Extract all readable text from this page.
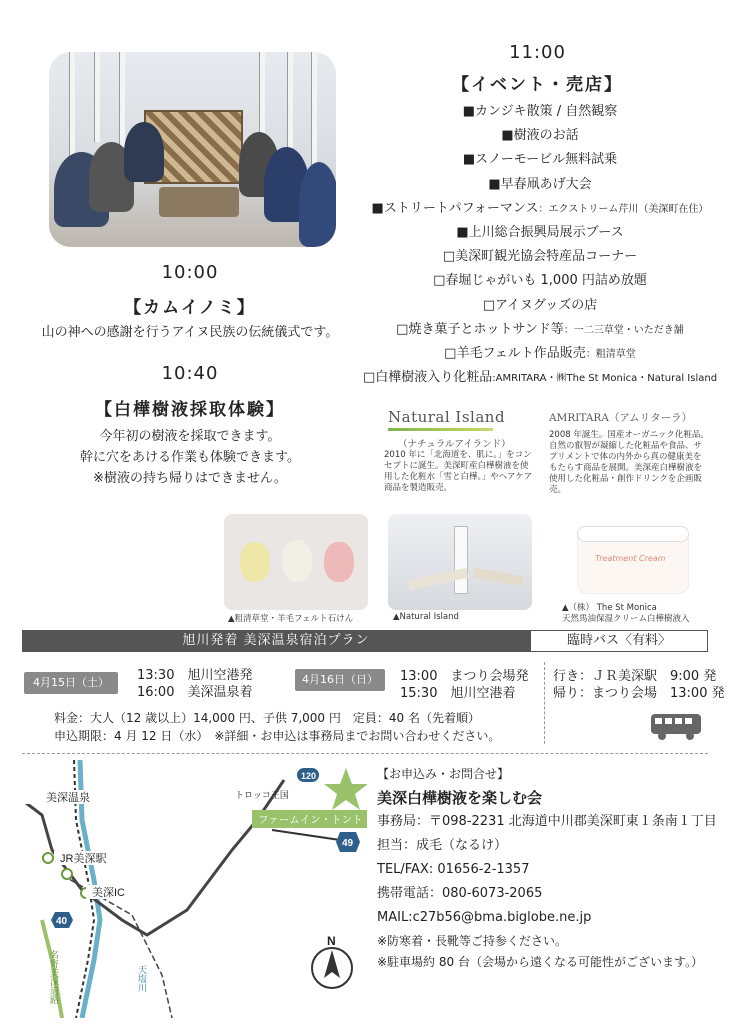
10:00
【カムイノミ】
山の神への感謝を行うアイヌ民族の伝統儀式です。
10:40
【白樺樹液採取体験】
今年初の樹液を採取できます。
幹に穴をあける作業も体験できます。
※樹液の持ち帰りはできません。
11:00
【イベント・売店】
■カンジキ散策 / 自然観察
■樹液のお話
■スノーモービル無料試乗
■早春凧あげ大会
■ストリートパフォーマンス：エクストリーム芹川（美深町在住）
■上川総合振興局展示ブース
□美深町観光協会特産品コーナー
□春堀じゃがいも 1,000 円詰め放題
□アイヌグッズの店
□焼き菓子とホットサンド等：一二三草堂・いただき舗
□羊毛フェルト作品販売：粗清草堂
□白樺樹液入り化粧品:AMRITARA・㈱The St Monica・Natural Island
Natural Island
（ナチュラルアイランド）
2010 年に「北海道を、肌に。」をコンセプトに誕生。美深町産白樺樹液を使用した化粧水「雪と白樺。」やヘアケア商品を製造販売。
AMRITARA（アムリターラ）
2008 年誕生。国産オーガニック化粧品。自然の叡智が凝縮した化粧品や食品、サプリメントで体の内外から真の健康美をもたらす商品を展開。美深産白樺樹液を使用した化粧品・創作ドリンクを企画販売。
▲粗清草堂・羊毛フェルト石けん	▲Natural Island
Treatment Cream
▲（株） The St Monica
天然馬油保湿クリーム白樺樹液入
旭川発着 美深温泉宿泊プラン	臨時バス〈有料〉
4月15日（土）	13:30　旭川空港発
16:00　美深温泉着
4月16日（日）	13:00　まつり会場発
15:30　旭川空港着
行き：ＪＲ美深駅　9:00 発
帰り：まつり会場　13:00 発
料金：大人（12 歳以上）14,000 円、子供 7,000 円　定員：40 名（先着順）
申込期限：4 月 12 日（水）　※詳細・お申込は事務局までお問い合わせください。
美深温泉
JR美深駅
美深IC
トロッコ王国
ファームイン・トント
120
49
40
N
天塩川
名寄美深道路
【お申込み・お問合せ】
美深白樺樹液を楽しむ会
事務局：〒098-2231 北海道中川郡美深町東１条南１丁目
担当：成毛（なるけ）
TEL/FAX: 01656-2-1357
携帯電話：080-6073-2065
MAIL:c27b56@bma.biglobe.ne.jp
※防寒着・長靴等ご持参ください。
※駐車場約 80 台（会場から遠くなる可能性がございます。）
